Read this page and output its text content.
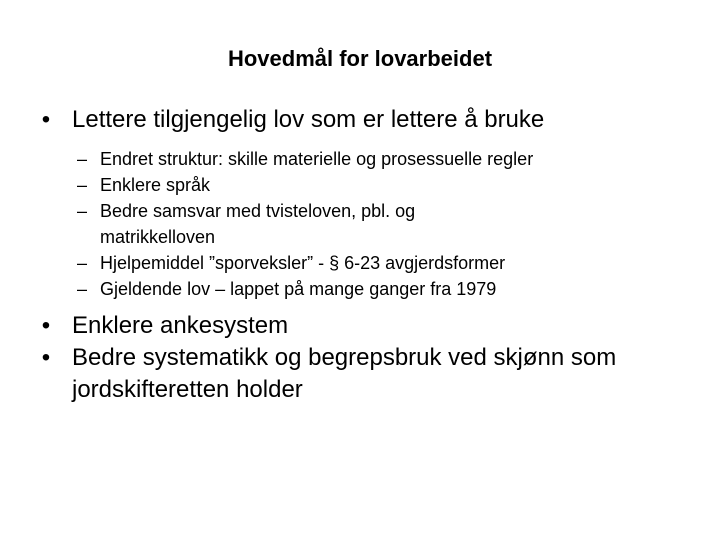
Hovedmål for lovarbeidet
• Lettere tilgjengelig lov som er lettere å bruke
– Endret struktur: skille materielle og prosessuelle regler
– Enklere språk
– Bedre samsvar med tvisteloven, pbl. og matrikkelloven
– Hjelpemiddel ”sporveksler” - § 6-23 avgjerdsformer
– Gjeldende lov – lappet på mange ganger fra 1979
• Enklere ankesystem
• Bedre systematikk og begrepsbruk ved skjønn som jordskifteretten holder
